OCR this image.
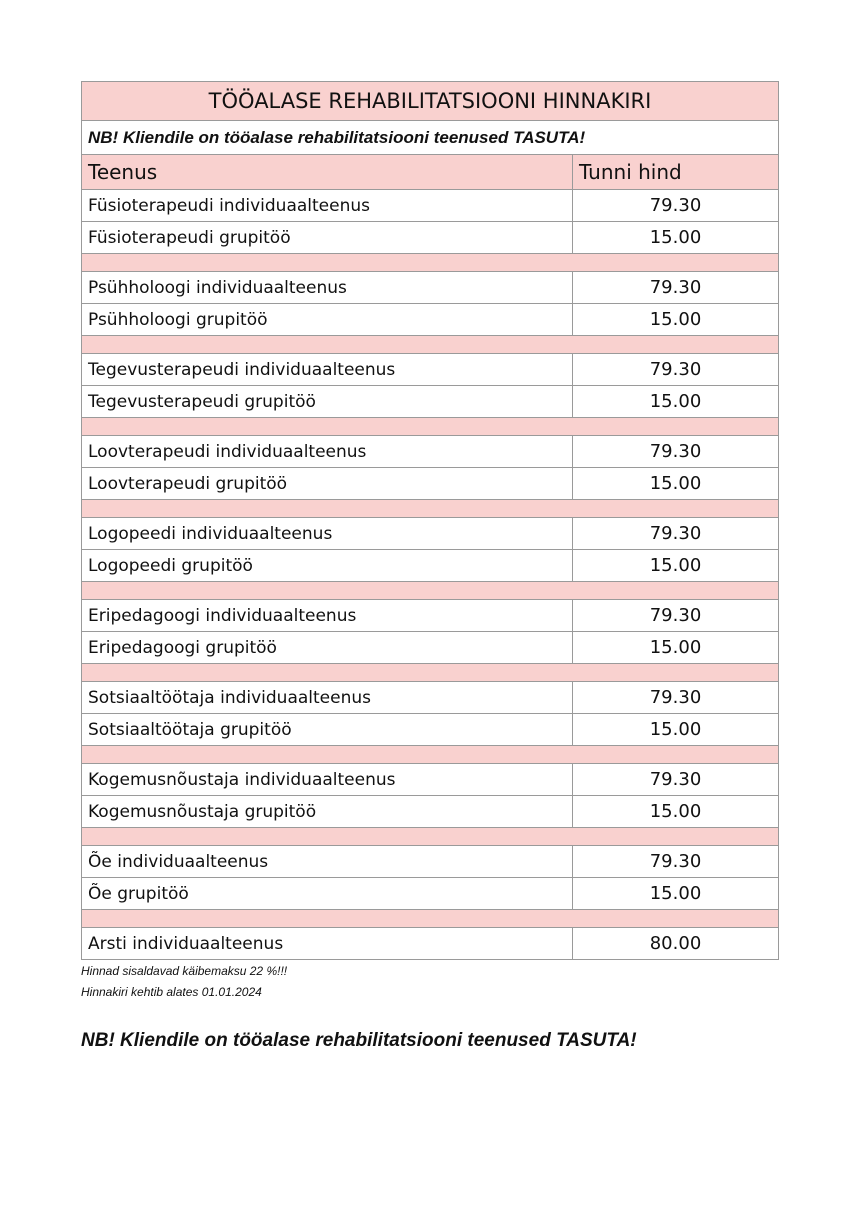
TÖÖALASE REHABILITATSIOONI HINNAKIRI	
NB! Kliendile on tööalase rehabilitatsiooni teenused TASUTA!	
Teenus	Tunni hind
Füsioterapeudi individuaalteenus	79.30
Füsioterapeudi grupitöö	15.00

Psühholoogi individuaalteenus	79.30
Psühholoogi grupitöö	15.00

Tegevusterapeudi individuaalteenus	79.30
Tegevusterapeudi grupitöö	15.00

Loovterapeudi individuaalteenus	79.30
Loovterapeudi grupitöö	15.00

Logopeedi individuaalteenus	79.30
Logopeedi grupitöö	15.00

Eripedagoogi individuaalteenus	79.30
Eripedagoogi grupitöö	15.00

Sotsiaaltöötaja individuaalteenus	79.30
Sotsiaaltöötaja grupitöö	15.00

Kogemusnõustaja individuaalteenus	79.30
Kogemusnõustaja grupitöö	15.00

Õe individuaalteenus	79.30
Õe grupitöö	15.00

Arsti individuaalteenus	80.00
Hinnad sisaldavad käibemaksu 22 %!!!
Hinnakiri kehtib alates 01.01.2024
NB! Kliendile on tööalase rehabilitatsiooni teenused TASUTA!
